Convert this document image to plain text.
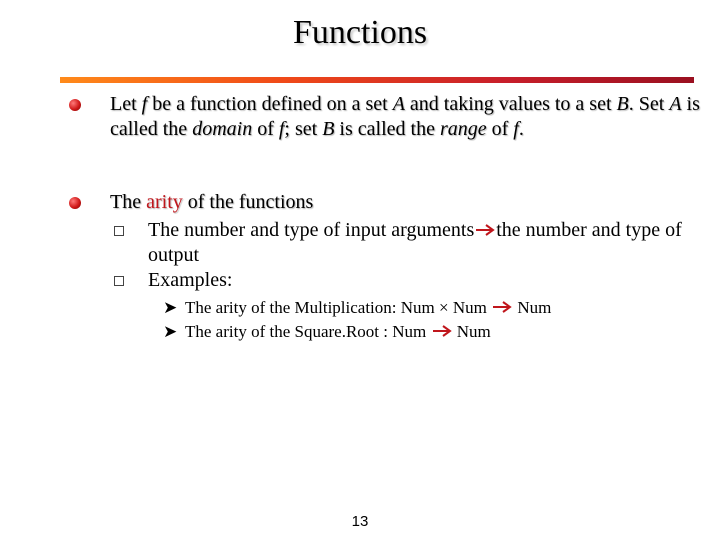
Functions
Let f be a function defined on a set A and taking values to a set B. Set A is called the domain of f; set B is called the range of f.
The arity of the functions
The number and type of input arguments the number and type of output
Examples:
➤ The arity of the Multiplication: Num × Num  Num
➤ The arity of the Square.Root : Num  Num
13
